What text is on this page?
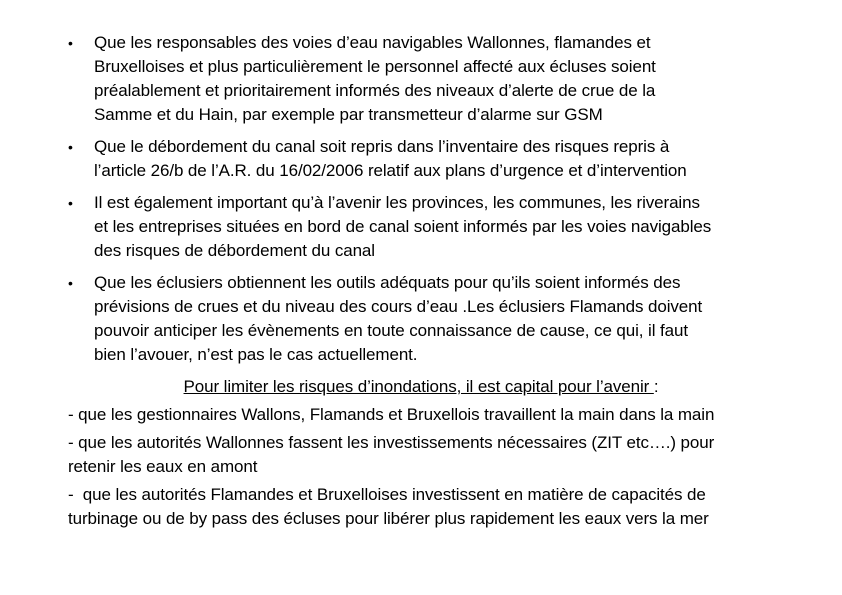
•	Que les responsables des voies d’eau navigables Wallonnes, flamandes et
Bruxelloises et plus particulièrement le personnel affecté aux écluses soient
préalablement et prioritairement informés des niveaux d’alerte de crue de la
Samme et du Hain, par exemple par transmetteur d’alarme sur GSM
•	Que le débordement du canal soit repris dans l’inventaire des risques repris à
l’article 26/b de l’A.R. du 16/02/2006 relatif aux plans d’urgence et d’intervention
•	Il est également important qu’à l’avenir les provinces, les communes, les riverains
et les entreprises situées en bord de canal soient informés par les voies navigables
des risques de débordement du canal
•	Que les éclusiers obtiennent les outils adéquats pour qu’ils soient informés des
prévisions de crues et du niveau des cours d’eau .Les éclusiers Flamands doivent
pouvoir anticiper les évènements en toute connaissance de cause, ce qui, il faut
bien l’avouer, n’est pas le cas actuellement.
Pour limiter les risques d’inondations, il est capital pour l’avenir :
- que les gestionnaires Wallons, Flamands et Bruxellois travaillent la main dans la main
- que les autorités Wallonnes fassent les investissements nécessaires (ZIT etc….) pour
retenir les eaux en amont
-  que les autorités Flamandes et Bruxelloises investissent en matière de capacités de
turbinage ou de by pass des écluses pour libérer plus rapidement les eaux vers la mer
